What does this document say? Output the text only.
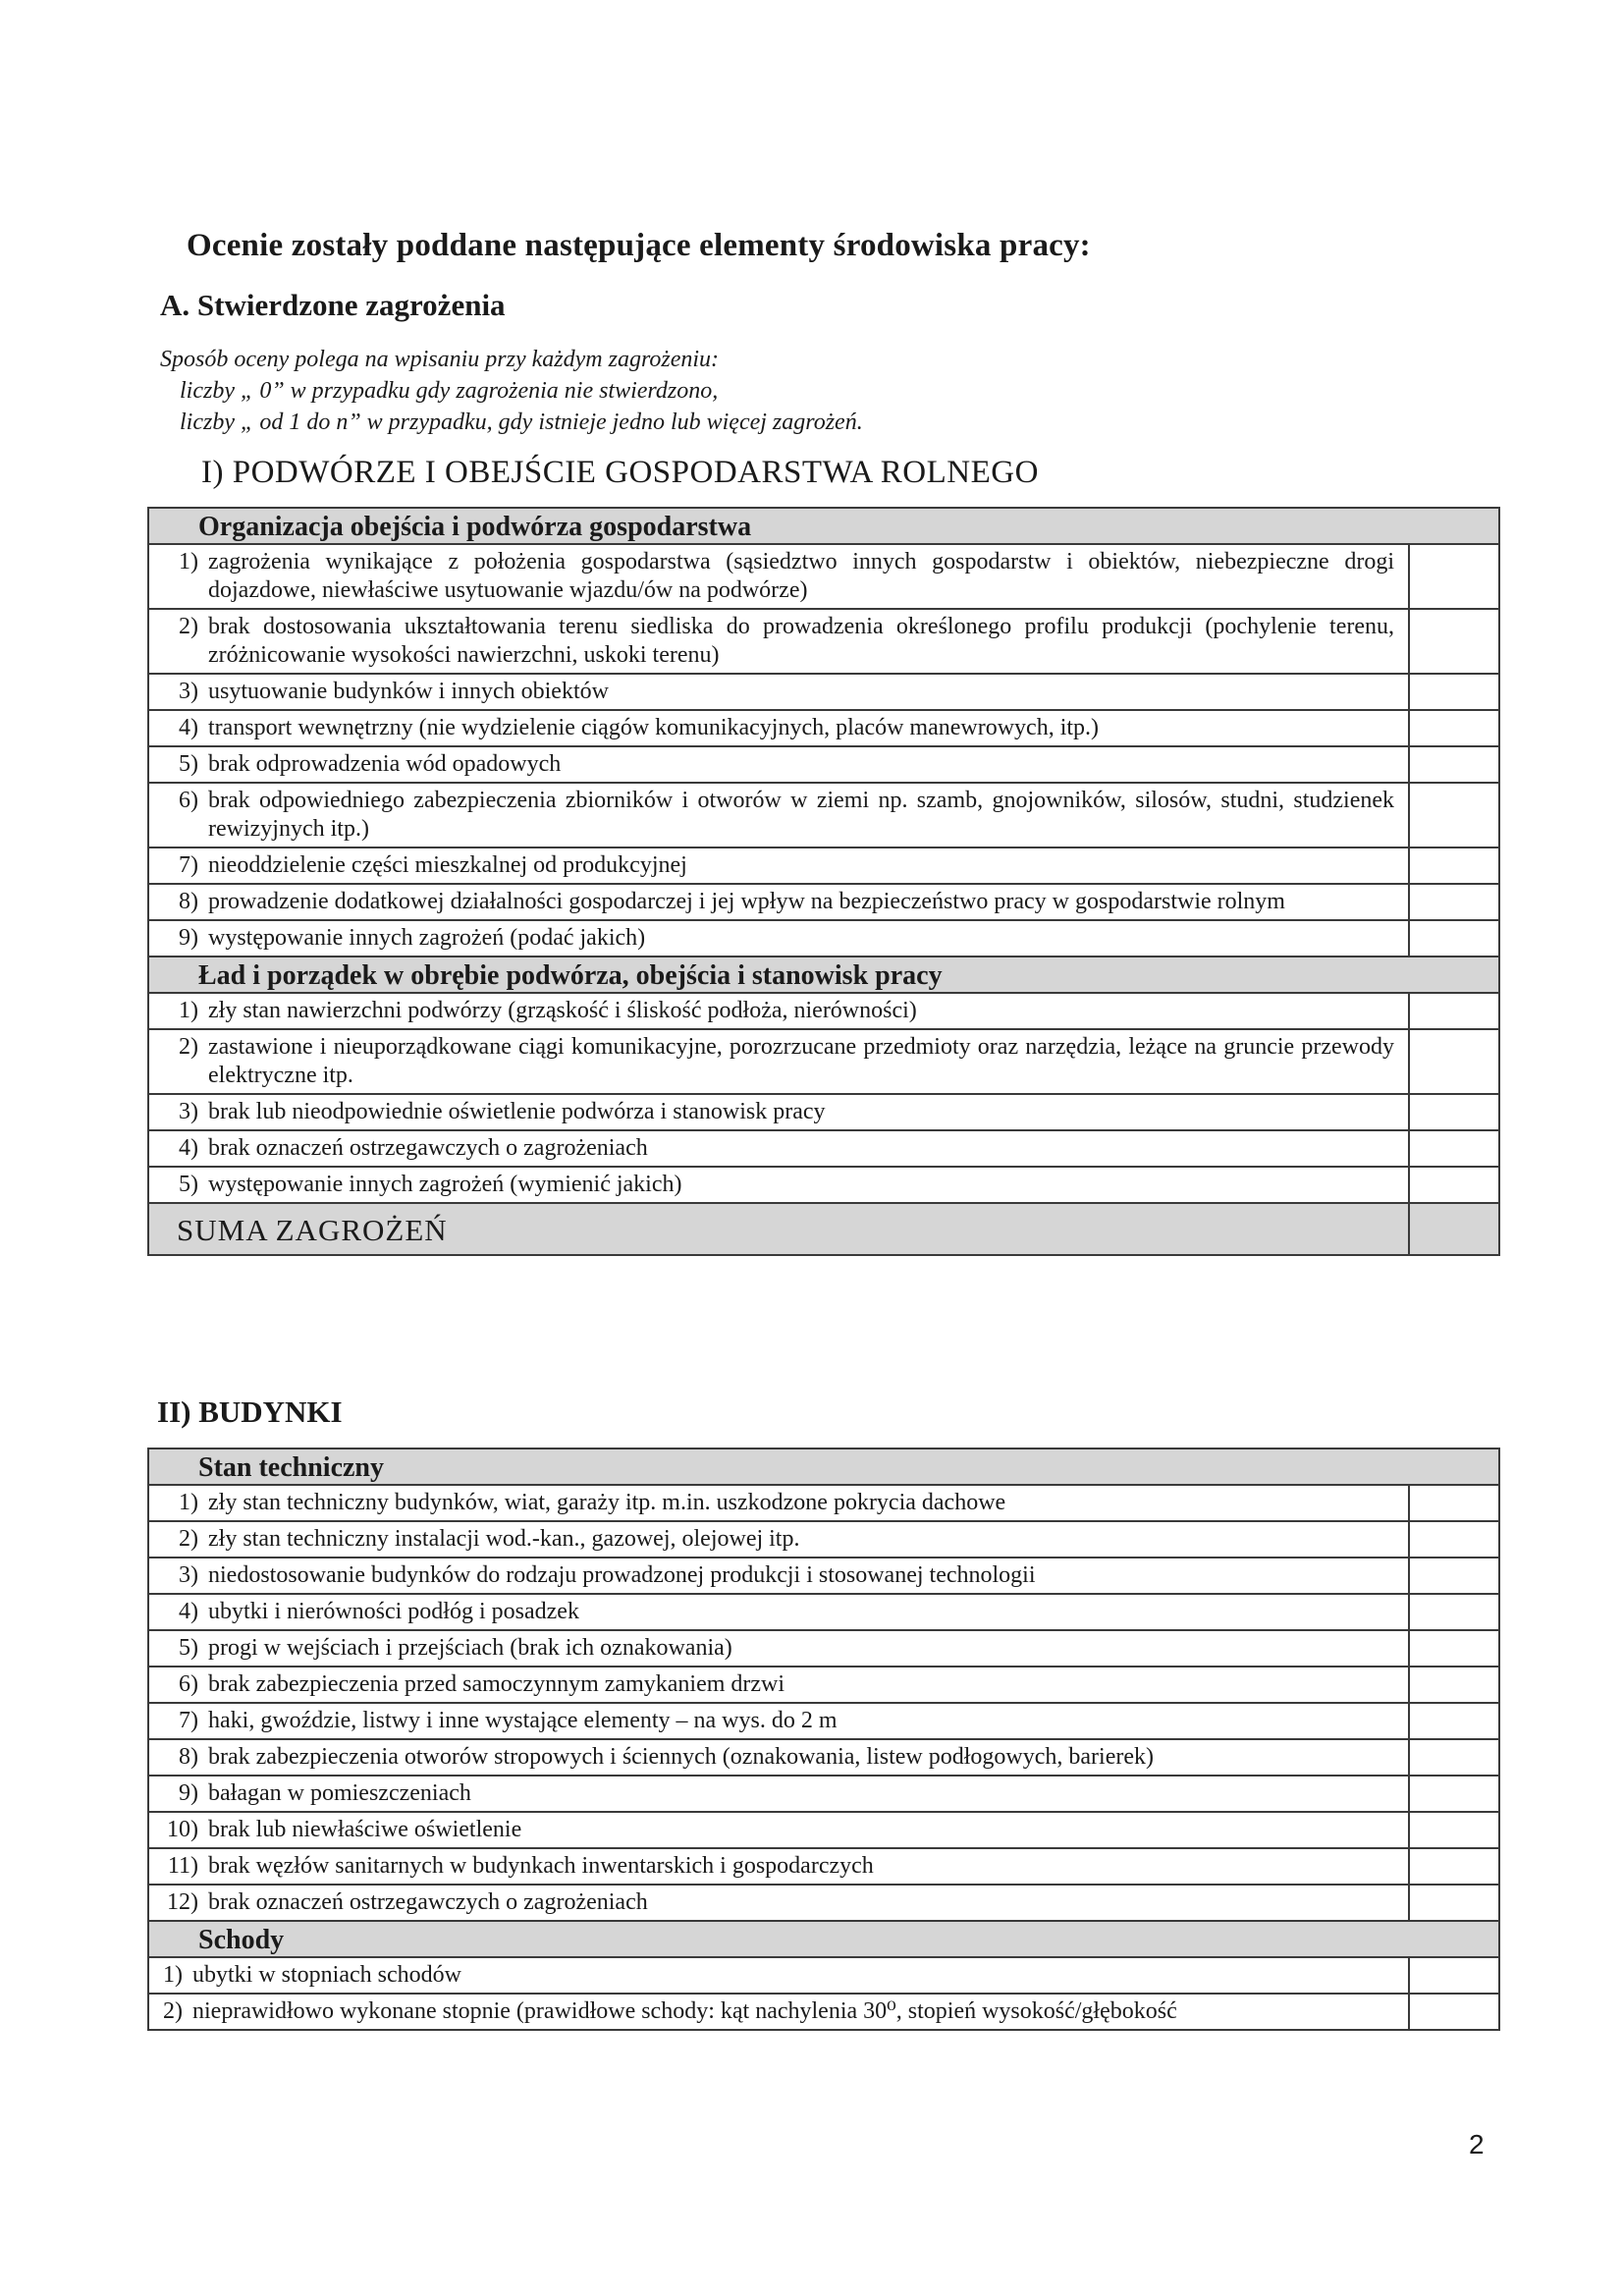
Ocenie zostały poddane następujące elementy środowiska pracy:
A. Stwierdzone zagrożenia
Sposób oceny polega na wpisaniu przy każdym zagrożeniu:
liczby „ 0” w przypadku gdy zagrożenia nie stwierdzono,
liczby „ od 1 do n” w przypadku, gdy istnieje jedno lub więcej zagrożeń.
I) PODWÓRZE I OBEJŚCIE GOSPODARSTWA ROLNEGO
Organizacja obejścia i podwórza gospodarstwa	

1) zagrożenia wynikające z położenia gospodarstwa (sąsiedztwo innych gospodarstw i obiektów, niebezpieczne drogi dojazdowe, niewłaściwe usytuowanie wjazdu/ów na podwórze)	

2) brak dostosowania ukształtowania terenu siedliska do prowadzenia określonego profilu produkcji (pochylenie terenu, zróżnicowanie wysokości nawierzchni, uskoki terenu)	

3) usytuowanie budynków i innych obiektów	

4) transport wewnętrzny (nie wydzielenie ciągów komunikacyjnych, placów manewrowych, itp.)	

5) brak odprowadzenia wód opadowych	

6) brak odpowiedniego zabezpieczenia zbiorników i otworów w ziemi np. szamb, gnojowników, silosów, studni, studzienek rewizyjnych itp.)	

7) nieoddzielenie części mieszkalnej od produkcyjnej	

8) prowadzenie dodatkowej działalności gospodarczej i jej wpływ na bezpieczeństwo pracy w gospodarstwie rolnym	

9) występowanie innych zagrożeń (podać jakich)	

Ład i porządek w obrębie podwórza, obejścia i stanowisk pracy	

1) zły stan nawierzchni podwórzy (grząskość i śliskość podłoża, nierówności)	

2) zastawione i nieuporządkowane ciągi komunikacyjne, porozrzucane przedmioty oraz narzędzia, leżące na gruncie przewody elektryczne itp.	

3) brak lub nieodpowiednie oświetlenie podwórza i stanowisk pracy	

4) brak oznaczeń ostrzegawczych o zagrożeniach	

5) występowanie innych zagrożeń (wymienić jakich)	

SUMA ZAGROŻEŃ	
II) BUDYNKI
Stan techniczny	
1) zły stan techniczny budynków, wiat, garaży itp. m.in. uszkodzone pokrycia dachowe	
2) zły stan techniczny instalacji wod.-kan., gazowej, olejowej itp.	
3) niedostosowanie budynków do rodzaju prowadzonej produkcji i stosowanej technologii	
4) ubytki i nierówności podłóg i posadzek	
5) progi w wejściach i przejściach (brak ich oznakowania)	
6) brak zabezpieczenia przed samoczynnym zamykaniem drzwi	
7) haki, gwoździe, listwy i inne wystające elementy – na wys. do 2 m	
8) brak zabezpieczenia otworów stropowych i ściennych (oznakowania, listew podłogowych, barierek)	
9) bałagan w pomieszczeniach	
10) brak lub niewłaściwe oświetlenie	
11) brak węzłów sanitarnych w budynkach inwentarskich i gospodarczych	
12) brak oznaczeń ostrzegawczych o zagrożeniach	
Schody	
1) ubytki w stopniach schodów	
2) nieprawidłowo wykonane stopnie (prawidłowe schody: kąt nachylenia 30⁰, stopień wysokość/głębokość	
2
